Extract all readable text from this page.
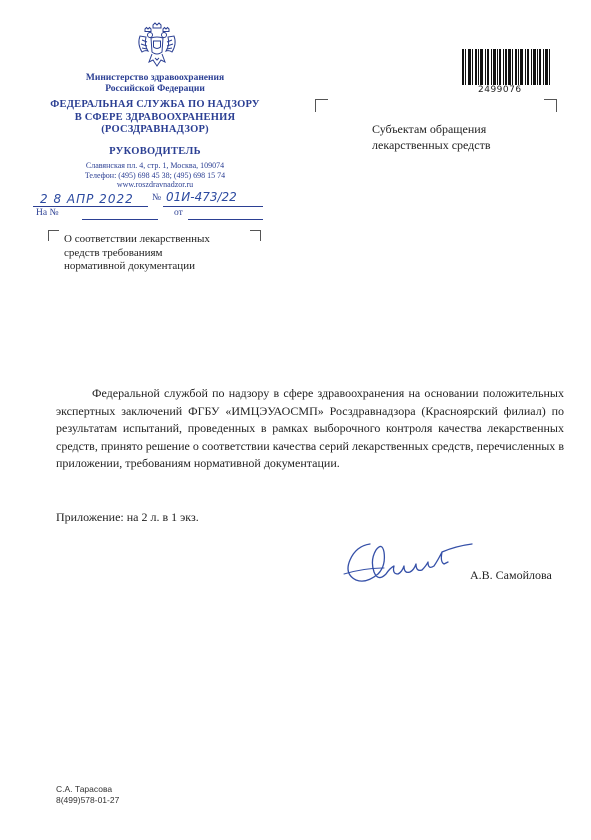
Министерство здравоохранения
Российской Федерации
ФЕДЕРАЛЬНАЯ СЛУЖБА ПО НАДЗОРУ
В СФЕРЕ ЗДРАВООХРАНЕНИЯ
(РОСЗДРАВНАДЗОР)
РУКОВОДИТЕЛЬ
Славянская пл. 4, стр. 1, Москва, 109074
Телефон: (495) 698 45 38; (495) 698 15 74
www.roszdravnadzor.ru
2 8 АПР 2022 № 01И-473/22
На №	от
О соответствии лекарственных
средств требованиям
нормативной документации
Субъектам обращения
лекарственных средств
2499076
Федеральной службой по надзору в сфере здравоохранения на основании положительных экспертных заключений ФГБУ «ИМЦЭУАОСМП» Росздравнадзора (Красноярский филиал) по результатам испытаний, проведенных в рамках выборочного контроля качества лекарственных средств, принято решение о соответствии качества серий лекарственных средств, перечисленных в приложении, требованиям нормативной документации.
Приложение: на 2 л. в 1 экз.
А.В. Самойлова
С.А. Тарасова
8(499)578-01-27
